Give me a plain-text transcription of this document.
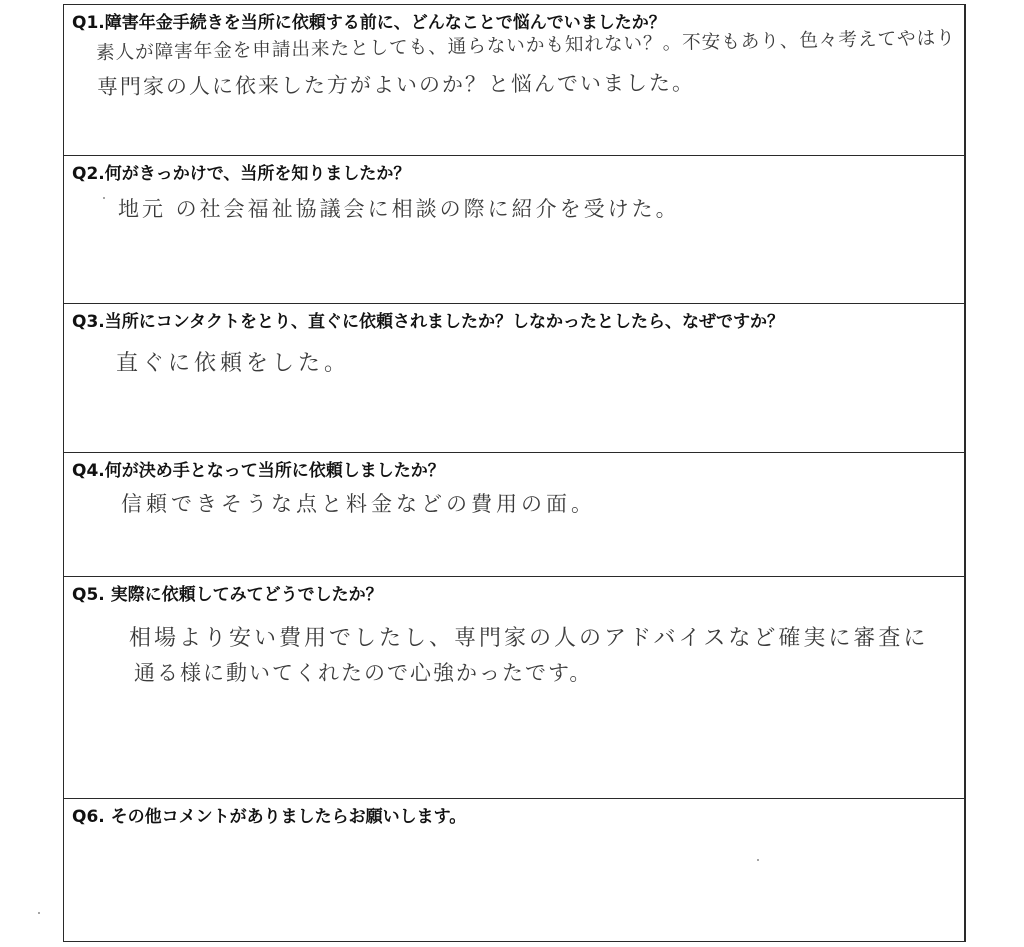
Q1.障害年金手続きを当所に依頼する前に、どんなことで悩んでいましたか？
素人が障害年金を申請出来たとしても、通らないかも知れない？。不安もあり、色々考えてやはり
専門家の人に依来した方がよいのか？と悩んでいました。
Q2.何がきっかけで、当所を知りましたか？
地元 の社会福祉協議会に相談の際に紹介を受けた。
Q3.当所にコンタクトをとり、直ぐに依頼されましたか？しなかったとしたら、なぜですか？
直ぐに依頼をした。
Q4.何が決め手となって当所に依頼しましたか？
信頼できそうな点と料金などの費用の面。
Q5. 実際に依頼してみてどうでしたか？
相場より安い費用でしたし、専門家の人のアドバイスなど確実に審査に
通る様に動いてくれたので心強かったです。
Q6. その他コメントがありましたらお願いします。
